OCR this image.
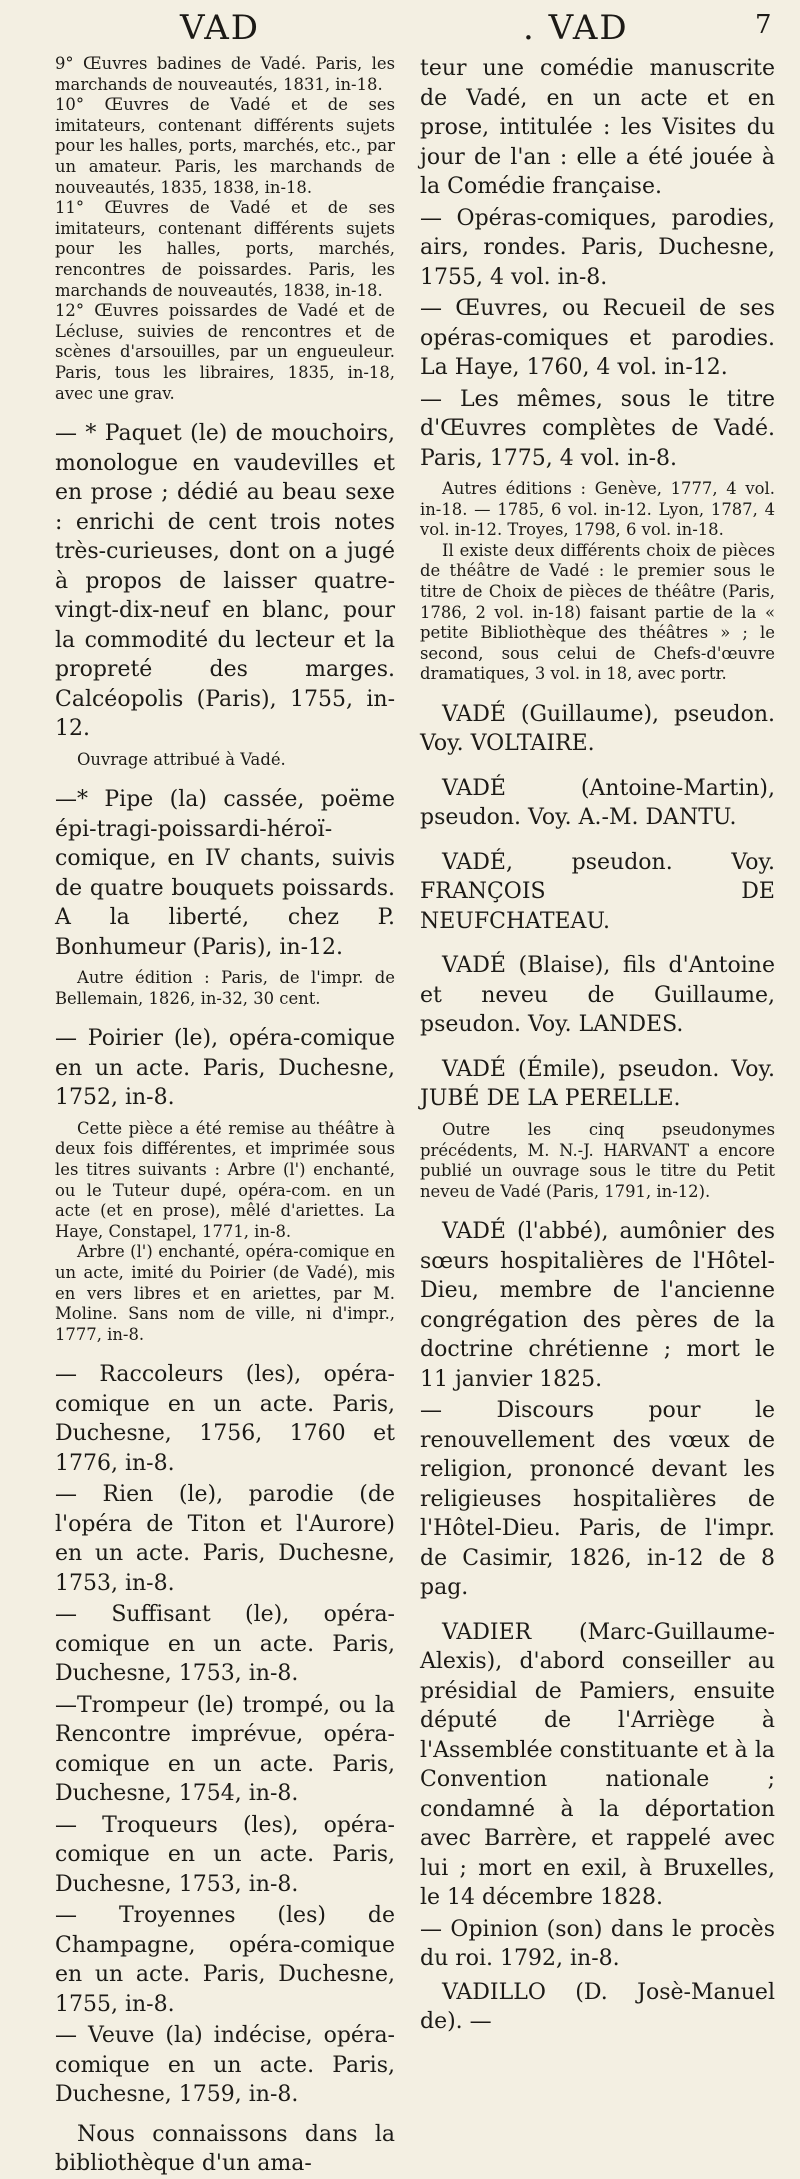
VAD	. VAD	7

9° Œuvres badines de Vadé. Paris, les marchands de nouveautés, 1831, in-18.

10° Œuvres de Vadé et de ses imitateurs, contenant différents sujets pour les halles, ports, marchés, etc., par un amateur. Paris, les marchands de nouveautés, 1835, 1838, in-18.

11° Œuvres de Vadé et de ses imitateurs, contenant différents sujets pour les halles, ports, marchés, rencontres de poissardes. Paris, les marchands de nouveautés, 1838, in-18.

12° Œuvres poissardes de Vadé et de Lécluse, suivies de rencontres et de scènes d'arsouilles, par un engueuleur. Paris, tous les libraires, 1835, in-18, avec une grav.

— * Paquet (le) de mouchoirs, monologue en vaudevilles et en prose ; dédié au beau sexe : enrichi de cent trois notes très-curieuses, dont on a jugé à propos de laisser quatre-vingt-dix-neuf en blanc, pour la commodité du lecteur et la propreté des marges. Calcéopolis (Paris), 1755, in-12.

Ouvrage attribué à Vadé.

—* Pipe (la) cassée, poëme épi-tragi-poissardi-héroï-comique, en IV chants, suivis de quatre bouquets poissards. A la liberté, chez P. Bonhumeur (Paris), in-12.

Autre édition : Paris, de l'impr. de Bellemain, 1826, in-32, 30 cent.

— Poirier (le), opéra-comique en un acte. Paris, Duchesne, 1752, in-8.

Cette pièce a été remise au théâtre à deux fois différentes, et imprimée sous les titres suivants : Arbre (l') enchanté, ou le Tuteur dupé, opéra-com. en un acte (et en prose), mêlé d'ariettes. La Haye, Constapel, 1771, in-8.

Arbre (l') enchanté, opéra-comique en un acte, imité du Poirier (de Vadé), mis en vers libres et en ariettes, par M. Moline. Sans nom de ville, ni d'impr., 1777, in-8.

— Raccoleurs (les), opéra-comique en un acte. Paris, Duchesne, 1756, 1760 et 1776, in-8.

— Rien (le), parodie (de l'opéra de Titon et l'Aurore) en un acte. Paris, Duchesne, 1753, in-8.

— Suffisant (le), opéra-comique en un acte. Paris, Duchesne, 1753, in-8.

—Trompeur (le) trompé, ou la Rencontre imprévue, opéra-comique en un acte. Paris, Duchesne, 1754, in-8.

— Troqueurs (les), opéra-comique en un acte. Paris, Duchesne, 1753, in-8.

— Troyennes (les) de Champagne, opéra-comique en un acte. Paris, Duchesne, 1755, in-8.

— Veuve (la) indécise, opéra-comique en un acte. Paris, Duchesne, 1759, in-8.

Nous connaissons dans la bibliothèque d'un ama-

teur une comédie manuscrite de Vadé, en un acte et en prose, intitulée : les Visites du jour de l'an : elle a été jouée à la Comédie française.

— Opéras-comiques, parodies, airs, rondes. Paris, Duchesne, 1755, 4 vol. in-8.

— Œuvres, ou Recueil de ses opéras-comiques et parodies. La Haye, 1760, 4 vol. in-12.

— Les mêmes, sous le titre d'Œuvres complètes de Vadé. Paris, 1775, 4 vol. in-8.

Autres éditions : Genève, 1777, 4 vol. in-18. — 1785, 6 vol. in-12. Lyon, 1787, 4 vol. in-12. Troyes, 1798, 6 vol. in-18.

Il existe deux différents choix de pièces de théâtre de Vadé : le premier sous le titre de Choix de pièces de théâtre (Paris, 1786, 2 vol. in-18) faisant partie de la « petite Bibliothèque des théâtres » ; le second, sous celui de Chefs-d'œuvre dramatiques, 3 vol. in 18, avec portr.

VADÉ (Guillaume), pseudon. Voy. VOLTAIRE.

VADÉ (Antoine-Martin), pseudon. Voy. A.-M. DANTU.

VADÉ, pseudon. Voy. FRANÇOIS DE NEUFCHATEAU.

VADÉ (Blaise), fils d'Antoine et neveu de Guillaume, pseudon. Voy. LANDES.

VADÉ (Émile), pseudon. Voy. JUBÉ DE LA PERELLE.

Outre les cinq pseudonymes précédents, M. N.-J. HARVANT a encore publié un ouvrage sous le titre du Petit neveu de Vadé (Paris, 1791, in-12).

VADÉ (l'abbé), aumônier des sœurs hospitalières de l'Hôtel-Dieu, membre de l'ancienne congrégation des pères de la doctrine chrétienne ; mort le 11 janvier 1825.

— Discours pour le renouvellement des vœux de religion, prononcé devant les religieuses hospitalières de l'Hôtel-Dieu. Paris, de l'impr. de Casimir, 1826, in-12 de 8 pag.

VADIER (Marc-Guillaume-Alexis), d'abord conseiller au présidial de Pamiers, ensuite député de l'Arriège à l'Assemblée constituante et à la Convention nationale ; condamné à la déportation avec Barrère, et rappelé avec lui ; mort en exil, à Bruxelles, le 14 décembre 1828.

— Opinion (son) dans le procès du roi. 1792, in-8.

VADILLO (D. Josè-Manuel de). —
